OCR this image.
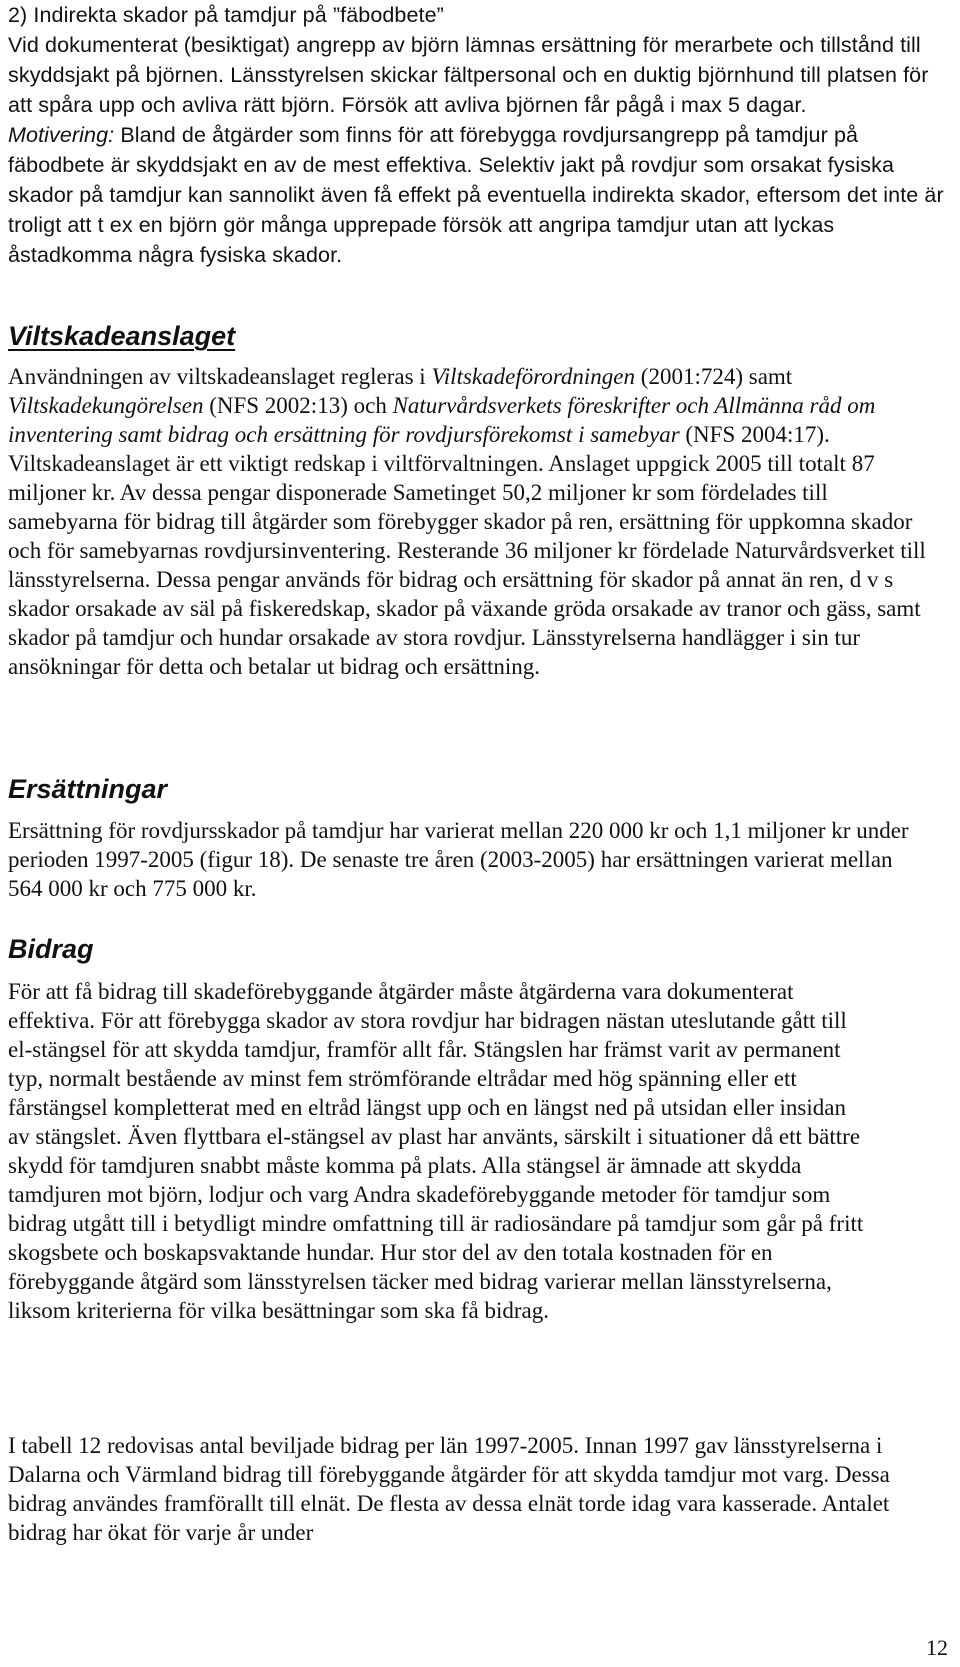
2) Indirekta skador på tamdjur på ”fäbodbete”

Vid dokumenterat (besiktigat) angrepp av björn lämnas ersättning för merarbete och tillstånd till skyddsjakt på björnen. Länsstyrelsen skickar fältpersonal och en duktig björnhund till platsen för att spåra upp och avliva rätt björn. Försök att avliva björnen får pågå i max 5 dagar.

Motivering: Bland de åtgärder som finns för att förebygga rovdjursangrepp på tamdjur på fäbodbete är skyddsjakt en av de mest effektiva. Selektiv jakt på rovdjur som orsakat fysiska skador på tamdjur kan sannolikt även få effekt på eventuella indirekta skador, eftersom det inte är troligt att t ex en björn gör många upprepade försök att angripa tamdjur utan att lyckas åstadkomma några fysiska skador.

Viltskadeanslaget

Användningen av viltskadeanslaget regleras i Viltskadeförordningen (2001:724) samt Viltskadekungörelsen (NFS 2002:13) och Naturvårdsverkets föreskrifter och Allmänna råd om inventering samt bidrag och ersättning för rovdjursförekomst i samebyar (NFS 2004:17). Viltskadeanslaget är ett viktigt redskap i viltförvaltningen. Anslaget uppgick 2005 till totalt 87 miljoner kr. Av dessa pengar disponerade Sametinget 50,2 miljoner kr som fördelades till samebyarna för bidrag till åtgärder som förebygger skador på ren, ersättning för uppkomna skador och för samebyarnas rovdjursinventering. Resterande 36 miljoner kr fördelade Naturvårdsverket till länsstyrelserna. Dessa pengar används för bidrag och ersättning för skador på annat än ren, d v s skador orsakade av säl på fiskeredskap, skador på växande gröda orsakade av tranor och gäss, samt skador på tamdjur och hundar orsakade av stora rovdjur. Länsstyrelserna handlägger i sin tur ansökningar för detta och betalar ut bidrag och ersättning.

Ersättningar

Ersättning för rovdjursskador på tamdjur har varierat mellan 220 000 kr och 1,1 miljoner kr under perioden 1997-2005 (figur 18). De senaste tre åren (2003-2005) har ersättningen varierat mellan 564 000 kr och 775 000 kr.

Bidrag

För att få bidrag till skadeförebyggande åtgärder måste åtgärderna vara dokumenterat effektiva. För att förebygga skador av stora rovdjur har bidragen nästan uteslutande gått till el-stängsel för att skydda tamdjur, framför allt får. Stängslen har främst varit av permanent typ, normalt bestående av minst fem strömförande eltrådar med hög spänning eller ett fårstängsel kompletterat med en eltråd längst upp och en längst ned på utsidan eller insidan av stängslet. Även flyttbara el-stängsel av plast har använts, särskilt i situationer då ett bättre skydd för tamdjuren snabbt måste komma på plats. Alla stängsel är ämnade att skydda tamdjuren mot björn, lodjur och varg Andra skadeförebyggande metoder för tamdjur som bidrag utgått till i betydligt mindre omfattning till är radiosändare på tamdjur som går på fritt skogsbete och boskapsvaktande hundar. Hur stor del av den totala kostnaden för en förebyggande åtgärd som länsstyrelsen täcker med bidrag varierar mellan länsstyrelserna, liksom kriterierna för vilka besättningar som ska få bidrag.

I tabell 12 redovisas antal beviljade bidrag per län 1997-2005. Innan 1997 gav länsstyrelserna i Dalarna och Värmland bidrag till förebyggande åtgärder för att skydda tamdjur mot varg. Dessa bidrag användes framförallt till elnät. De flesta av dessa elnät torde idag vara kasserade. Antalet bidrag har ökat för varje år under

12
